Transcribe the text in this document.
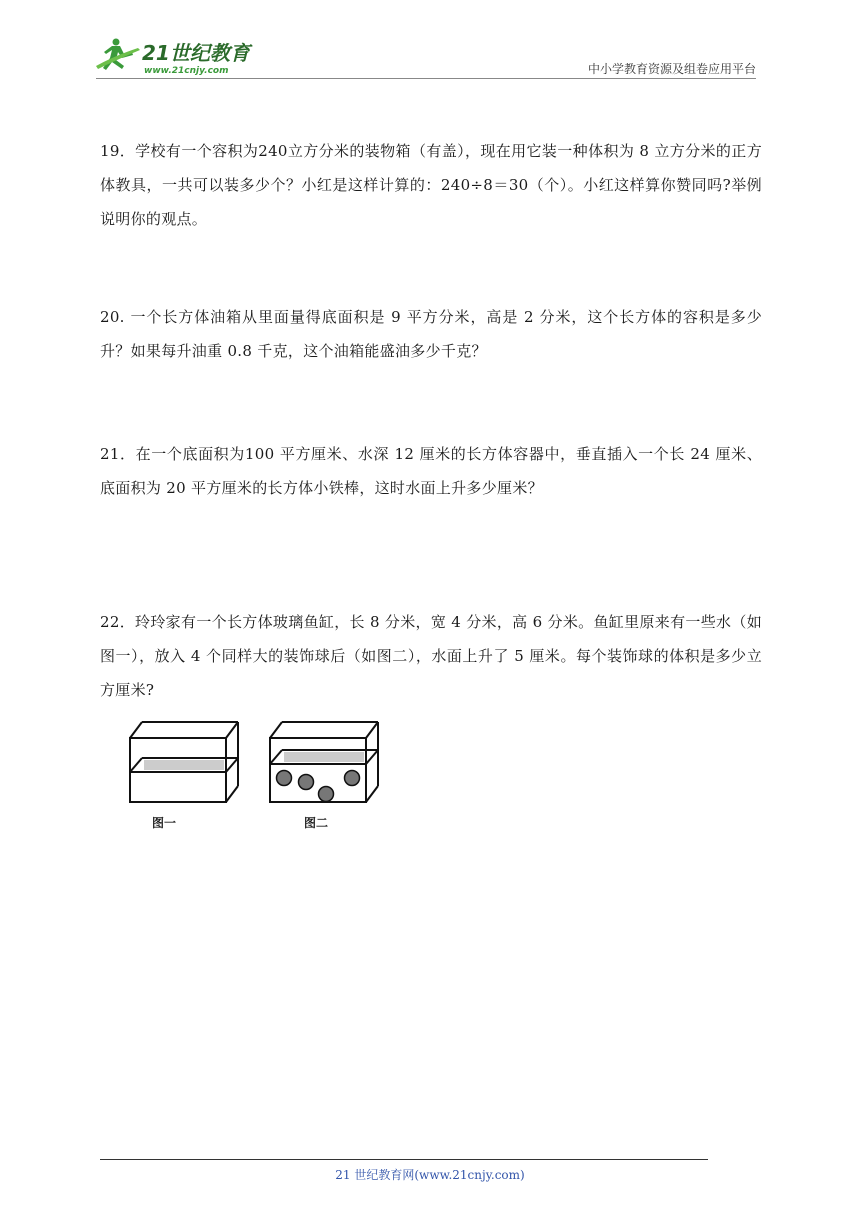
21世纪教育
www.21cnjy.com	中小学教育资源及组卷应用平台
19．学校有一个容积为240立方分米的装物箱（有盖），现在用它装一种体积为 8 立方分米的正方体教具，一共可以装多少个？小红是这样计算的：240÷8＝30（个）。小红这样算你赞同吗?举例说明你的观点。
20. 一个长方体油箱从里面量得底面积是 9 平方分米，高是 2 分米，这个长方体的容积是多少升？如果每升油重 0.8 千克，这个油箱能盛油多少千克？
21．在一个底面积为100 平方厘米、水深 12 厘米的长方体容器中，垂直插入一个长 24 厘米、底面积为 20 平方厘米的长方体小铁棒，这时水面上升多少厘米？
22．玲玲家有一个长方体玻璃鱼缸，长 8 分米，宽 4 分米，高 6 分米。鱼缸里原来有一些水（如图一），放入 4 个同样大的装饰球后（如图二），水面上升了 5 厘米。每个装饰球的体积是多少立方厘米?
图一	图二
21 世纪教育网(www.21cnjy.com)
